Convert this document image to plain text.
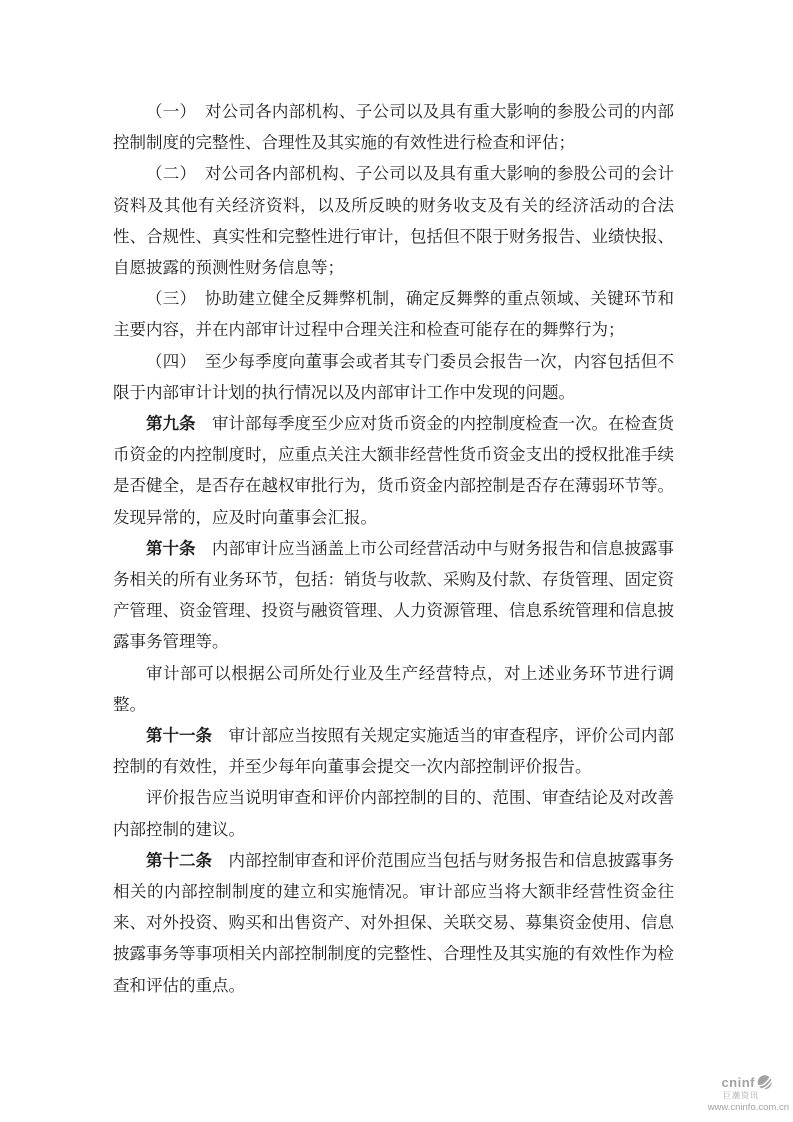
（一）　对公司各内部机构、子公司以及具有重大影响的参股公司的内部控制制度的完整性、合理性及其实施的有效性进行检查和评估；

（二）　对公司各内部机构、子公司以及具有重大影响的参股公司的会计资料及其他有关经济资料，以及所反映的财务收支及有关的经济活动的合法性、合规性、真实性和完整性进行审计，包括但不限于财务报告、业绩快报、自愿披露的预测性财务信息等；

（三）　协助建立健全反舞弊机制，确定反舞弊的重点领域、关键环节和主要内容，并在内部审计过程中合理关注和检查可能存在的舞弊行为；

（四）　至少每季度向董事会或者其专门委员会报告一次，内容包括但不限于内部审计计划的执行情况以及内部审计工作中发现的问题。

第九条　审计部每季度至少应对货币资金的内控制度检查一次。在检查货币资金的内控制度时，应重点关注大额非经营性货币资金支出的授权批准手续是否健全，是否存在越权审批行为，货币资金内部控制是否存在薄弱环节等。发现异常的，应及时向董事会汇报。

第十条　内部审计应当涵盖上市公司经营活动中与财务报告和信息披露事务相关的所有业务环节，包括：销货与收款、采购及付款、存货管理、固定资产管理、资金管理、投资与融资管理、人力资源管理、信息系统管理和信息披露事务管理等。

审计部可以根据公司所处行业及生产经营特点，对上述业务环节进行调整。

第十一条　审计部应当按照有关规定实施适当的审查程序，评价公司内部控制的有效性，并至少每年向董事会提交一次内部控制评价报告。

评价报告应当说明审查和评价内部控制的目的、范围、审查结论及对改善内部控制的建议。

第十二条　内部控制审查和评价范围应当包括与财务报告和信息披露事务相关的内部控制制度的建立和实施情况。审计部应当将大额非经营性资金往来、对外投资、购买和出售资产、对外担保、关联交易、募集资金使用、信息披露事务等事项相关内部控制制度的完整性、合理性及其实施的有效性作为检查和评估的重点。

cninf
巨潮资讯
www.cninfo.com.cn
